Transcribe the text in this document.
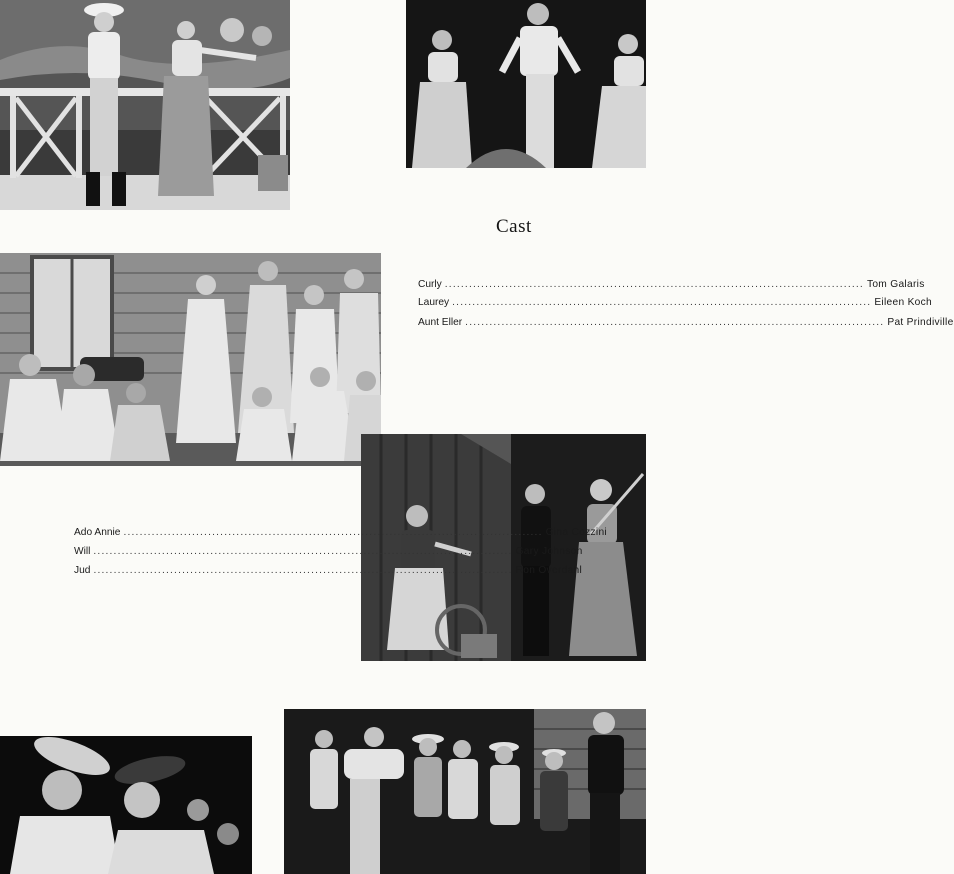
Cast
Curly ........................................................................................................ Tom Galaris
Laurey ........................................................................................................ Eileen Koch
Aunt Eller ........................................................................................................ Pat Prindiville
Ado Annie ........................................................................................................ Gina Cozzini
Will ........................................................................................................ Gary Johnson
Jud ........................................................................................................ Ron Overdahl
